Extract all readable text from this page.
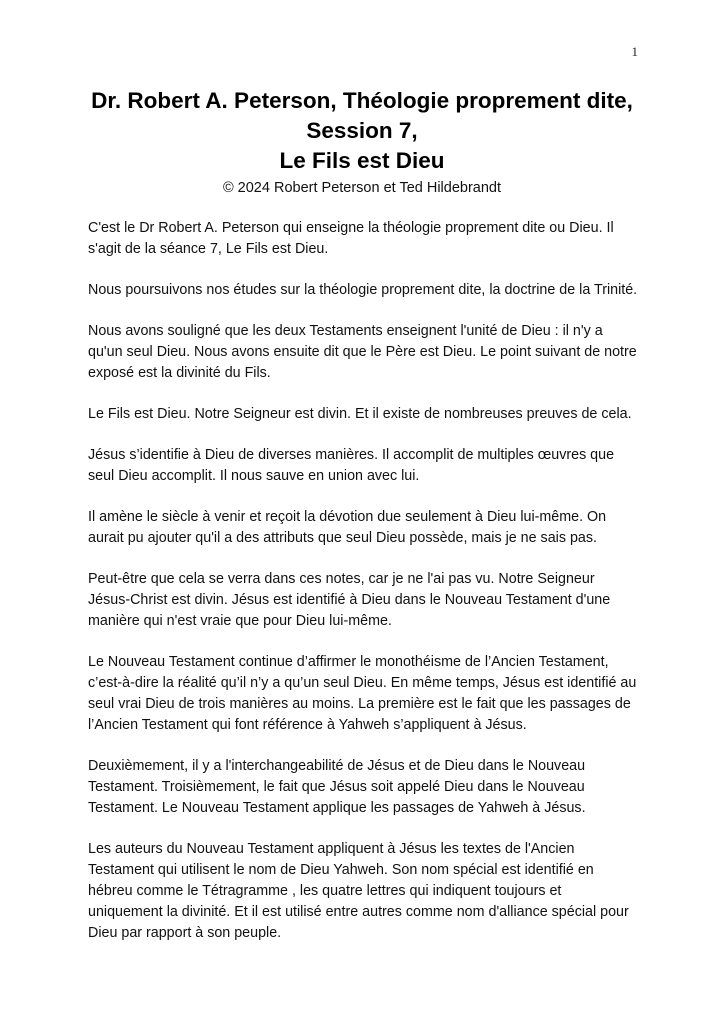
1
Dr. Robert A. Peterson, Théologie proprement dite,
Session 7,
Le Fils est Dieu
© 2024 Robert Peterson et Ted Hildebrandt

C'est le Dr Robert A. Peterson qui enseigne la théologie proprement dite ou Dieu. Il s'agit de la séance 7, Le Fils est Dieu.

Nous poursuivons nos études sur la théologie proprement dite, la doctrine de la Trinité.

Nous avons souligné que les deux Testaments enseignent l'unité de Dieu : il n'y a qu'un seul Dieu. Nous avons ensuite dit que le Père est Dieu. Le point suivant de notre exposé est la divinité du Fils.

Le Fils est Dieu. Notre Seigneur est divin. Et il existe de nombreuses preuves de cela.

Jésus s’identifie à Dieu de diverses manières. Il accomplit de multiples œuvres que seul Dieu accomplit. Il nous sauve en union avec lui.

Il amène le siècle à venir et reçoit la dévotion due seulement à Dieu lui-même. On aurait pu ajouter qu'il a des attributs que seul Dieu possède, mais je ne sais pas.

Peut-être que cela se verra dans ces notes, car je ne l'ai pas vu. Notre Seigneur Jésus-Christ est divin. Jésus est identifié à Dieu dans le Nouveau Testament d'une manière qui n'est vraie que pour Dieu lui-même.

Le Nouveau Testament continue d’affirmer le monothéisme de l’Ancien Testament, c’est-à-dire la réalité qu’il n’y a qu’un seul Dieu. En même temps, Jésus est identifié au seul vrai Dieu de trois manières au moins. La première est le fait que les passages de l’Ancien Testament qui font référence à Yahweh s’appliquent à Jésus.

Deuxièmement, il y a l'interchangeabilité de Jésus et de Dieu dans le Nouveau Testament. Troisièmement, le fait que Jésus soit appelé Dieu dans le Nouveau Testament. Le Nouveau Testament applique les passages de Yahweh à Jésus.

Les auteurs du Nouveau Testament appliquent à Jésus les textes de l'Ancien Testament qui utilisent le nom de Dieu Yahweh. Son nom spécial est identifié en hébreu comme le Tétragramme , les quatre lettres qui indiquent toujours et uniquement la divinité. Et il est utilisé entre autres comme nom d'alliance spécial pour Dieu par rapport à son peuple.
